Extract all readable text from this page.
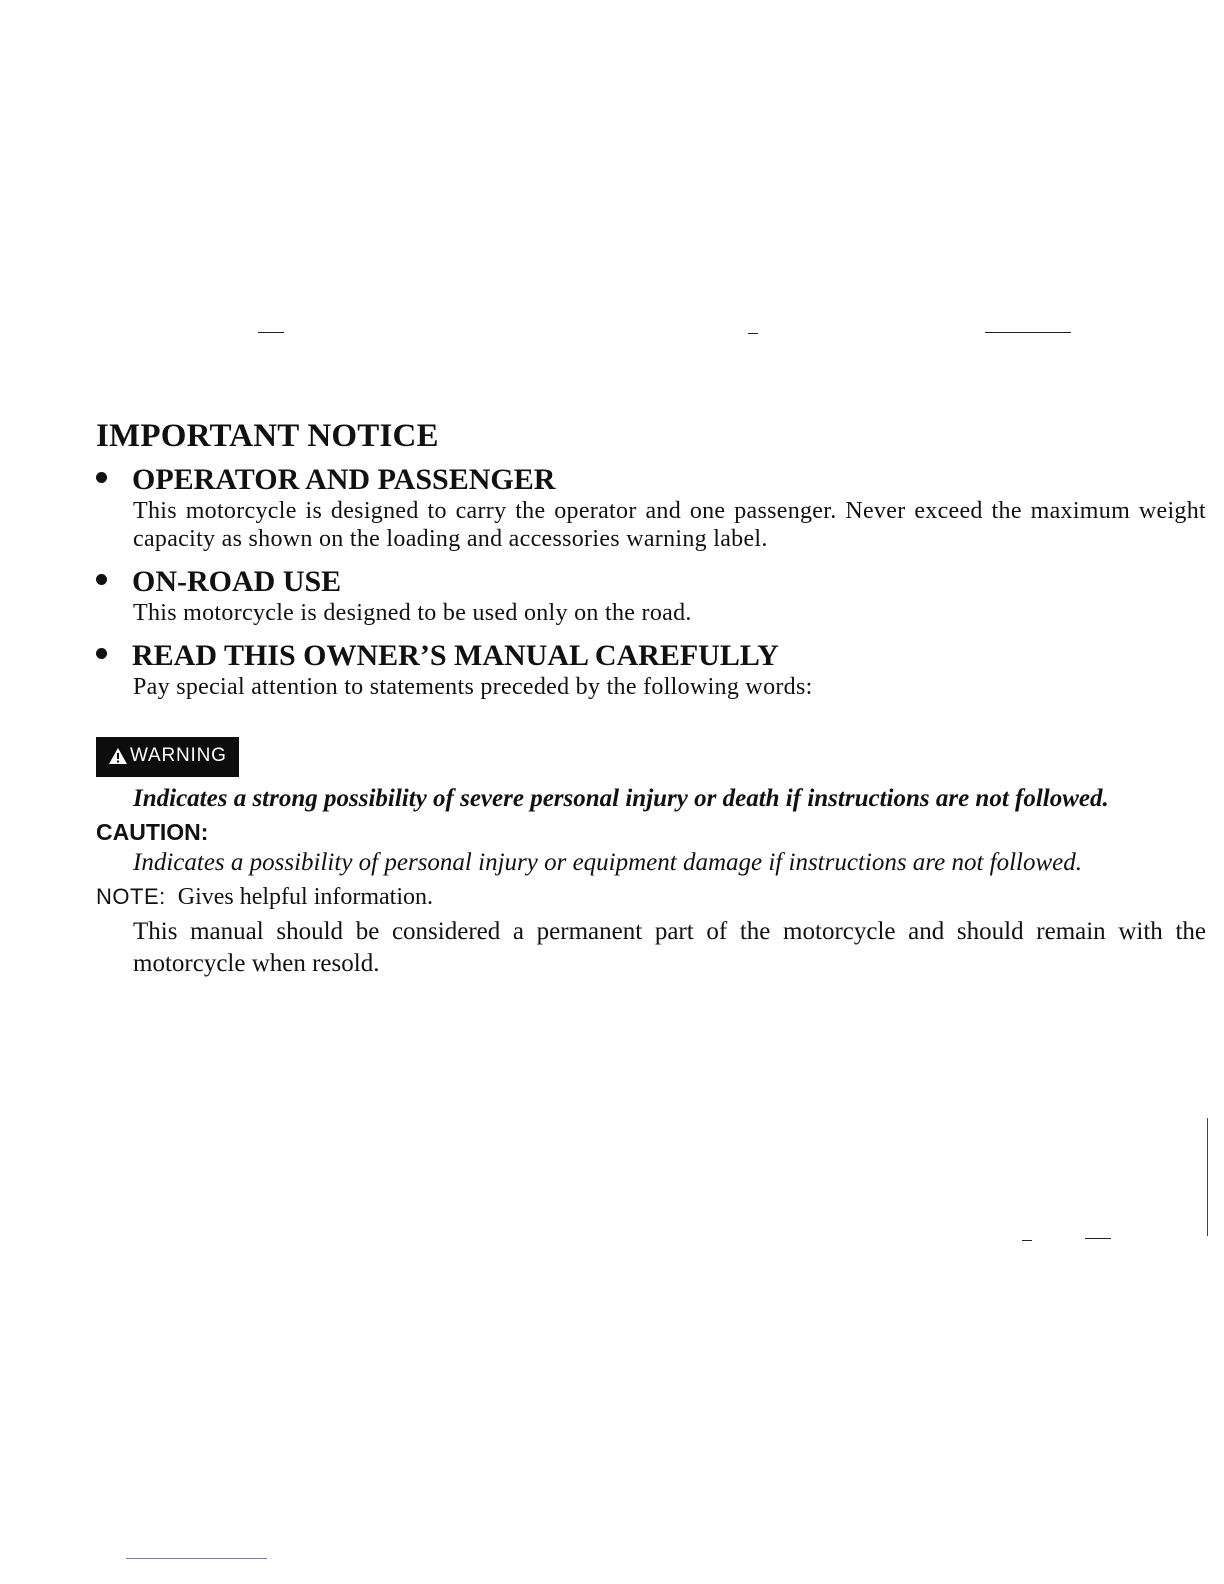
IMPORTANT NOTICE
OPERATOR AND PASSENGER
This motorcycle is designed to carry the operator and one passenger. Never exceed the maximum weight capacity as shown on the loading and accessories warning label.
ON-ROAD USE
This motorcycle is designed to be used only on the road.
READ THIS OWNER’S MANUAL CAREFULLY
Pay special attention to statements preceded by the following words:
WARNING
Indicates a strong possibility of severe personal injury or death if instructions are not followed.
CAUTION:
Indicates a possibility of personal injury or equipment damage if instructions are not followed.
NOTE: Gives helpful information.
This manual should be considered a permanent part of the motorcycle and should remain with the motorcycle when resold.
